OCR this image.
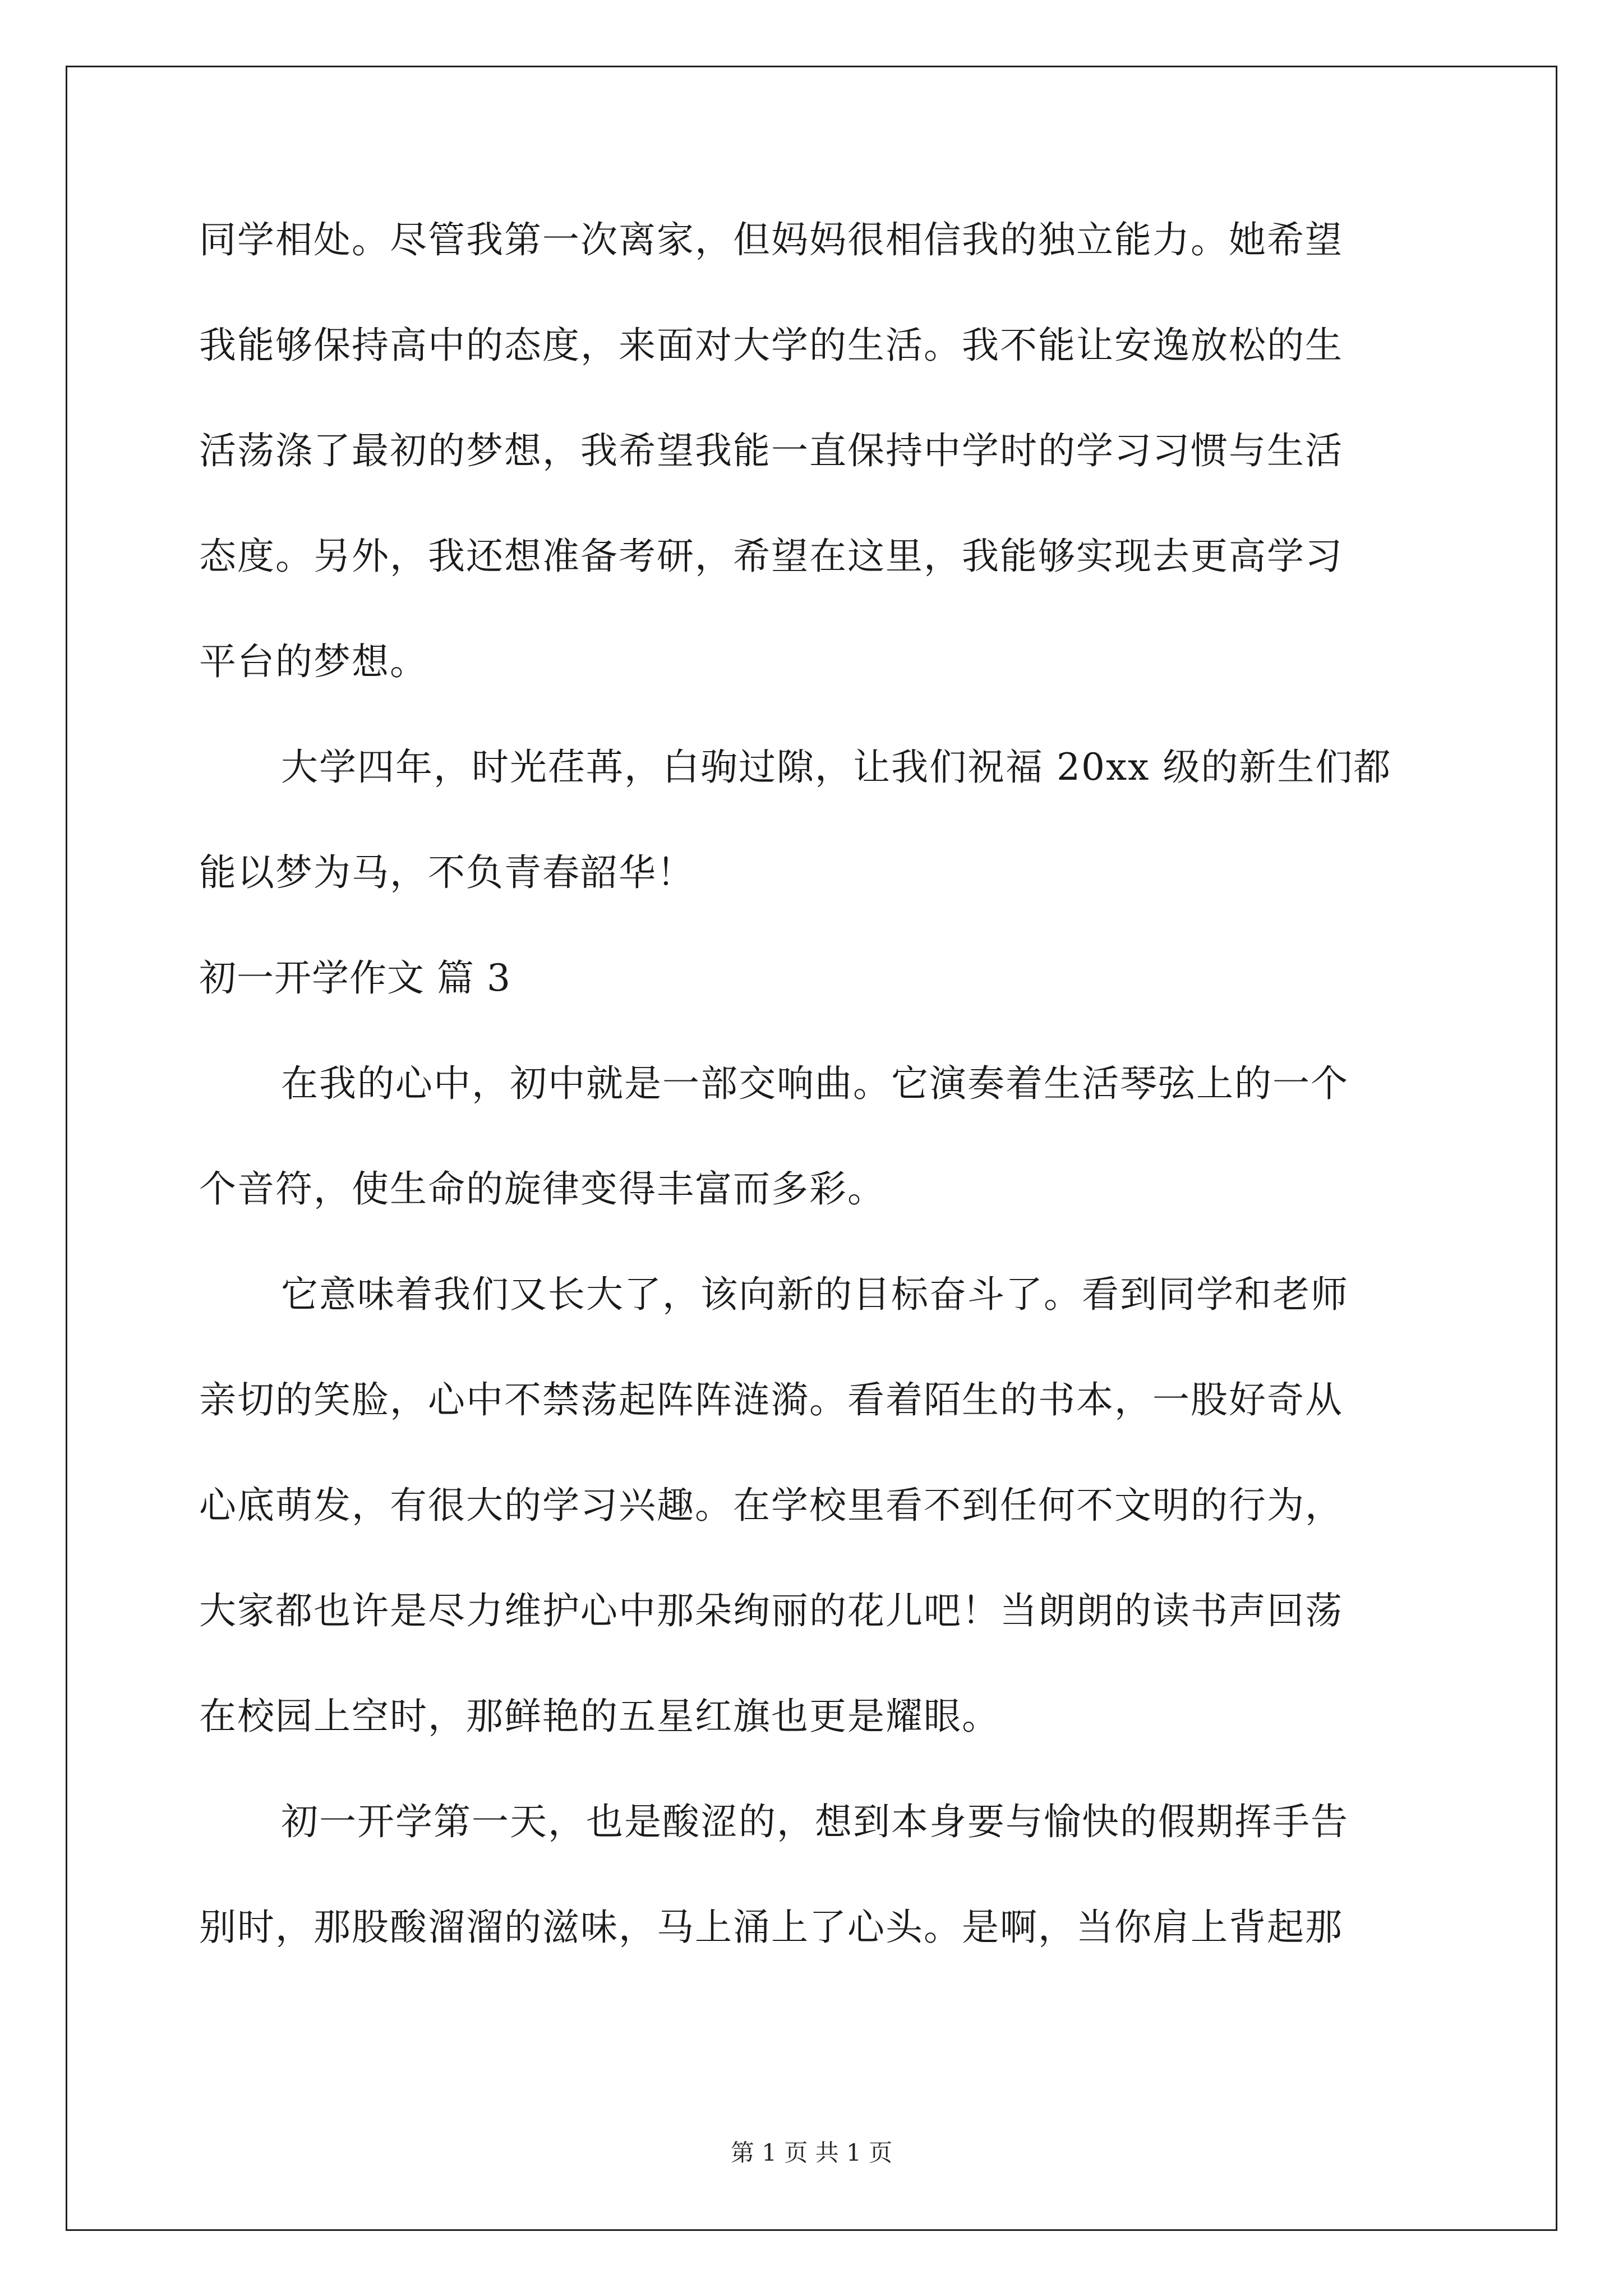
同学相处。尽管我第一次离家，但妈妈很相信我的独立能力。她希望
我能够保持高中的态度，来面对大学的生活。我不能让安逸放松的生
活荡涤了最初的梦想，我希望我能一直保持中学时的学习习惯与生活
态度。另外，我还想准备考研，希望在这里，我能够实现去更高学习
平台的梦想。
大学四年，时光荏苒，白驹过隙，让我们祝福 20xx 级的新生们都
能以梦为马，不负青春韶华！
初一开学作文 篇 3
在我的心中，初中就是一部交响曲。它演奏着生活琴弦上的一个
个音符，使生命的旋律变得丰富而多彩。
它意味着我们又长大了，该向新的目标奋斗了。看到同学和老师
亲切的笑脸，心中不禁荡起阵阵涟漪。看着陌生的书本，一股好奇从
心底萌发，有很大的学习兴趣。在学校里看不到任何不文明的行为，
大家都也许是尽力维护心中那朵绚丽的花儿吧！当朗朗的读书声回荡
在校园上空时，那鲜艳的五星红旗也更是耀眼。
初一开学第一天，也是酸涩的，想到本身要与愉快的假期挥手告
别时，那股酸溜溜的滋味，马上涌上了心头。是啊，当你肩上背起那
第 1 页 共 1 页
